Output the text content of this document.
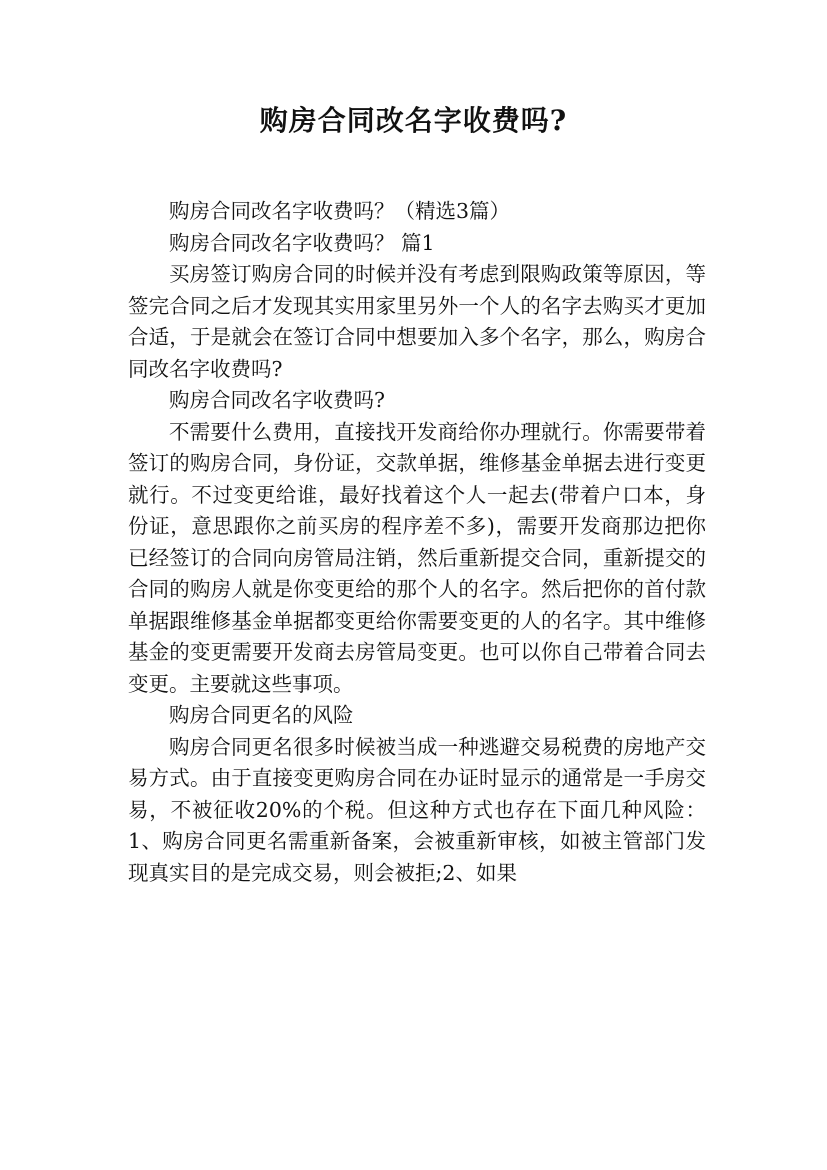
购房合同改名字收费吗?

购房合同改名字收费吗？（精选3篇）

购房合同改名字收费吗？ 篇1

买房签订购房合同的时候并没有考虑到限购政策等原因，等签完合同之后才发现其实用家里另外一个人的名字去购买才更加合适，于是就会在签订合同中想要加入多个名字，那么，购房合同改名字收费吗?

购房合同改名字收费吗?

不需要什么费用，直接找开发商给你办理就行。你需要带着签订的购房合同，身份证，交款单据，维修基金单据去进行变更就行。不过变更给谁，最好找着这个人一起去(带着户口本，身份证，意思跟你之前买房的程序差不多)，需要开发商那边把你已经签订的合同向房管局注销，然后重新提交合同，重新提交的合同的购房人就是你变更给的那个人的名字。然后把你的首付款单据跟维修基金单据都变更给你需要变更的人的名字。其中维修基金的变更需要开发商去房管局变更。也可以你自己带着合同去变更。主要就这些事项。

购房合同更名的风险

购房合同更名很多时候被当成一种逃避交易税费的房地产交易方式。由于直接变更购房合同在办证时显示的通常是一手房交易，不被征收20%的个税。但这种方式也存在下面几种风险：1、购房合同更名需重新备案，会被重新审核，如被主管部门发现真实目的是完成交易，则会被拒;2、如果
